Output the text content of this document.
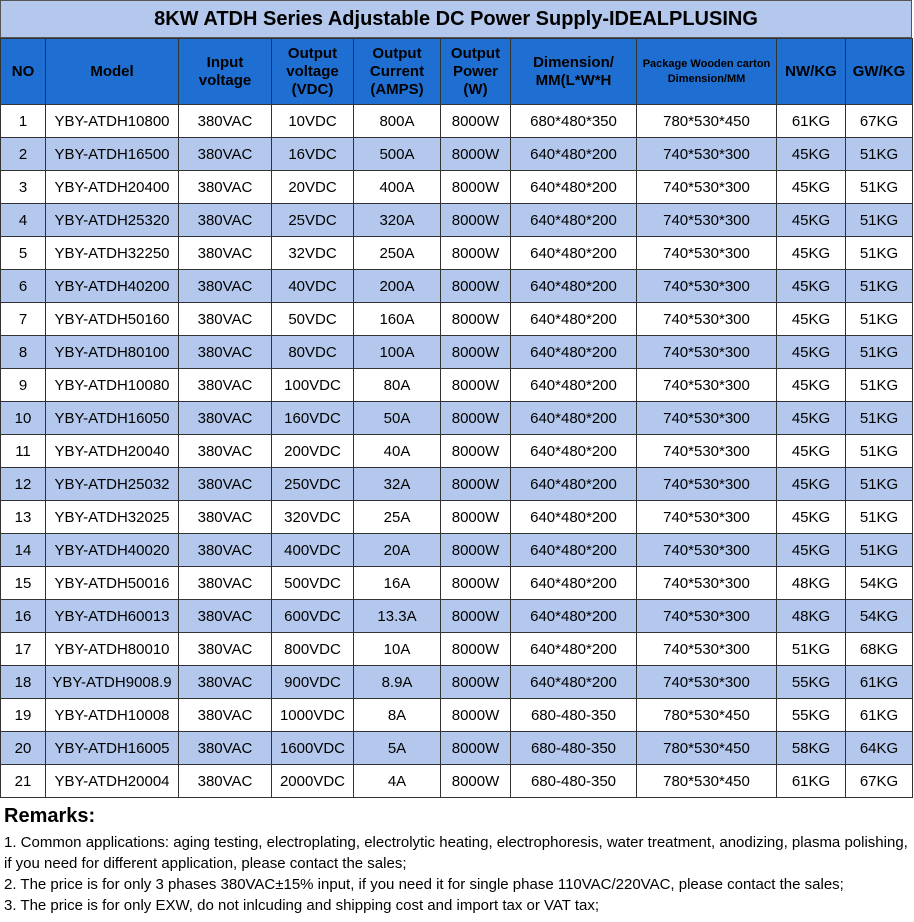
8KW ATDH Series Adjustable DC Power Supply-IDEALPLUSING
NO	Model	Input voltage	Output voltage (VDC)	Output Current (AMPS)	Output Power (W)	Dimension/ MM(L*W*H	Package Wooden carton Dimension/MM	NW/KG	GW/KG
1	YBY-ATDH10800	380VAC	10VDC	800A	8000W	680*480*350	780*530*450	61KG	67KG
2	YBY-ATDH16500	380VAC	16VDC	500A	8000W	640*480*200	740*530*300	45KG	51KG
3	YBY-ATDH20400	380VAC	20VDC	400A	8000W	640*480*200	740*530*300	45KG	51KG
4	YBY-ATDH25320	380VAC	25VDC	320A	8000W	640*480*200	740*530*300	45KG	51KG
5	YBY-ATDH32250	380VAC	32VDC	250A	8000W	640*480*200	740*530*300	45KG	51KG
6	YBY-ATDH40200	380VAC	40VDC	200A	8000W	640*480*200	740*530*300	45KG	51KG
7	YBY-ATDH50160	380VAC	50VDC	160A	8000W	640*480*200	740*530*300	45KG	51KG
8	YBY-ATDH80100	380VAC	80VDC	100A	8000W	640*480*200	740*530*300	45KG	51KG
9	YBY-ATDH10080	380VAC	100VDC	80A	8000W	640*480*200	740*530*300	45KG	51KG
10	YBY-ATDH16050	380VAC	160VDC	50A	8000W	640*480*200	740*530*300	45KG	51KG
11	YBY-ATDH20040	380VAC	200VDC	40A	8000W	640*480*200	740*530*300	45KG	51KG
12	YBY-ATDH25032	380VAC	250VDC	32A	8000W	640*480*200	740*530*300	45KG	51KG
13	YBY-ATDH32025	380VAC	320VDC	25A	8000W	640*480*200	740*530*300	45KG	51KG
14	YBY-ATDH40020	380VAC	400VDC	20A	8000W	640*480*200	740*530*300	45KG	51KG
15	YBY-ATDH50016	380VAC	500VDC	16A	8000W	640*480*200	740*530*300	48KG	54KG
16	YBY-ATDH60013	380VAC	600VDC	13.3A	8000W	640*480*200	740*530*300	48KG	54KG
17	YBY-ATDH80010	380VAC	800VDC	10A	8000W	640*480*200	740*530*300	51KG	68KG
18	YBY-ATDH9008.9	380VAC	900VDC	8.9A	8000W	640*480*200	740*530*300	55KG	61KG
19	YBY-ATDH10008	380VAC	1000VDC	8A	8000W	680-480-350	780*530*450	55KG	61KG
20	YBY-ATDH16005	380VAC	1600VDC	5A	8000W	680-480-350	780*530*450	58KG	64KG
21	YBY-ATDH20004	380VAC	2000VDC	4A	8000W	680-480-350	780*530*450	61KG	67KG
Remarks:
1. Common applications: aging testing, electroplating, electrolytic heating, electrophoresis, water treatment, anodizing, plasma polishing, if you need for different application, please contact the sales;
2. The price is for only 3 phases 380VAC±15% input, if you need it for single phase 110VAC/220VAC, please contact the sales;
3. The price is for only EXW, do not inlcuding and shipping cost and import tax or VAT tax;
